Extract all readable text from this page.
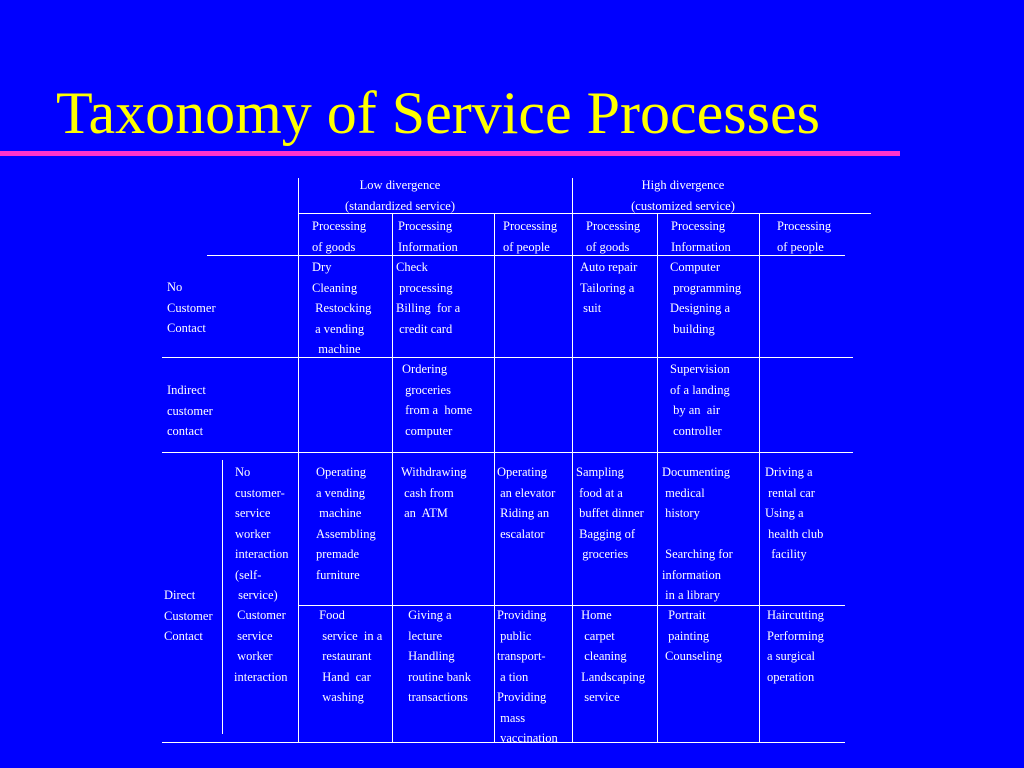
Taxonomy of Service Processes
Low divergence
(standardized service)
High divergence
(customized service)
Processing
of goods
Processing
Information
Processing
of people
Processing
of goods
Processing
Information
Processing
of people
No
Customer
Contact
Dry
Cleaning
Restocking
a vending
machine
Check
processing
Billing  for a
credit card
Auto repair
Tailoring a
suit
Computer
programming
Designing a
building
Indirect
customer
contact
Ordering
groceries
from a  home
computer
Supervision
of a landing
by an  air
controller
Direct
Customer
Contact
No
customer-
service
worker
interaction
(self-
service)
Operating
a vending
machine
Assembling
premade
furniture
Withdrawing
cash from
an  ATM
Operating
an elevator
Riding an
escalator
Sampling
food at a
buffet dinner
Bagging of
groceries
Documenting
medical
history

Searching for
information
in a library
Driving a
rental car
Using a
health club
facility
Customer
service
worker
interaction
Food
service  in a
restaurant
Hand  car
washing
Giving a
lecture
Handling
routine bank
transactions
Providing
public
transport-
a tion
Providing
mass
vaccination
Home
carpet
cleaning
Landscaping
service
Portrait
painting
Counseling
Haircutting
Performing
a surgical
operation
